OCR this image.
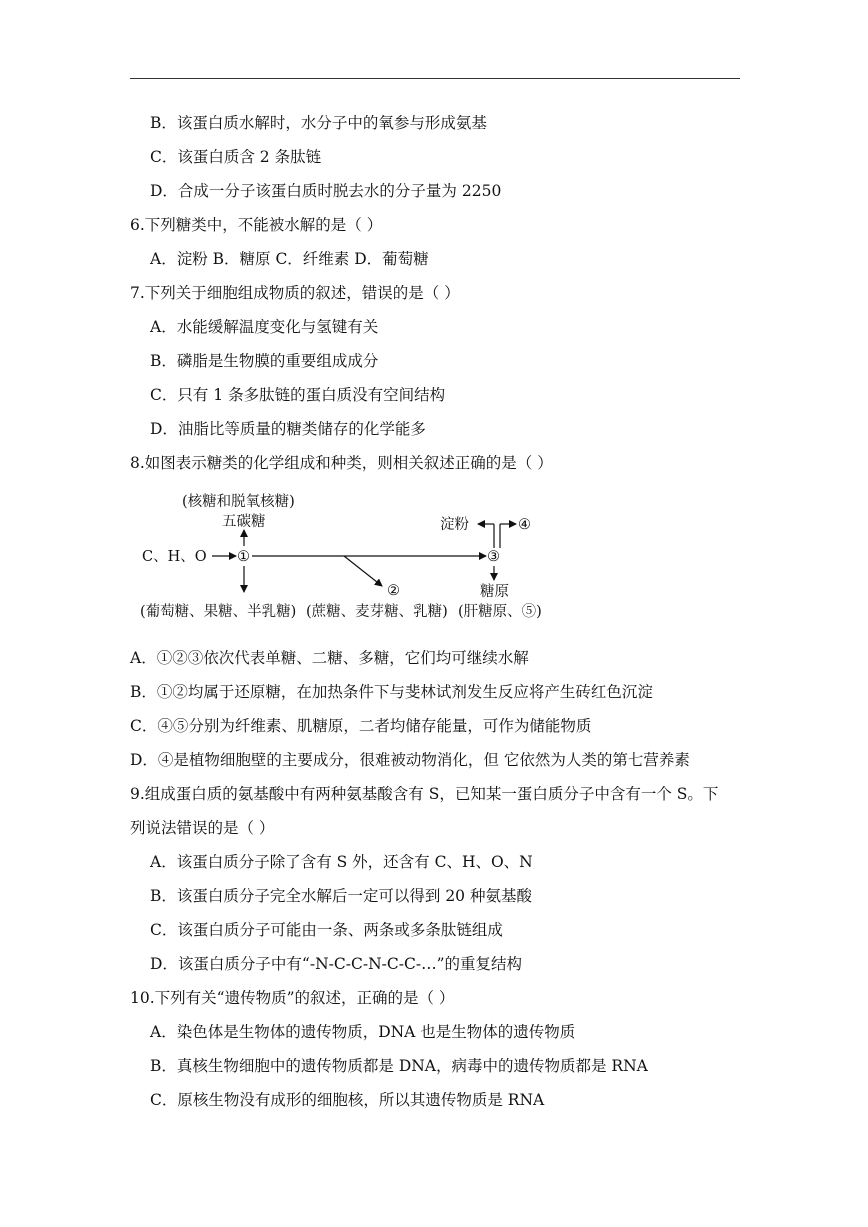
B．该蛋白质水解时，水分子中的氧参与形成氨基
C．该蛋白质含 2 条肽链
D．合成一分子该蛋白质时脱去水的分子量为 2250
6.下列糖类中，不能被水解的是（ ）
A．淀粉 B．糖原 C．纤维素 D．葡萄糖
7.下列关于细胞组成物质的叙述，错误的是（ ）
A．水能缓解温度变化与氢键有关
B．磷脂是生物膜的重要组成成分
C．只有 1 条多肽链的蛋白质没有空间结构
D．油脂比等质量的糖类储存的化学能多
8.如图表示糖类的化学组成和种类，则相关叙述正确的是（ ）
(核糖和脱氧核糖)
五碳糖
C、H、O ①
②
③
淀粉	④
糖原
(葡萄糖、果糖、半乳糖) (蔗糖、麦芽糖、乳糖) (肝糖原、⑤)
A．①②③依次代表单糖、二糖、多糖，它们均可继续水解
B．①②均属于还原糖，在加热条件下与斐林试剂发生反应将产生砖红色沉淀
C．④⑤分别为纤维素、肌糖原，二者均储存能量，可作为储能物质
D．④是植物细胞壁的主要成分，很难被动物消化，但 它依然为人类的第七营养素
9.组成蛋白质的氨基酸中有两种氨基酸含有 S，已知某一蛋白质分子中含有一个 S。下
列说法错误的是（ ）
A．该蛋白质分子除了含有 S 外，还含有 C、H、O、N
B．该蛋白质分子完全水解后一定可以得到 20 种氨基酸
C．该蛋白质分子可能由一条、两条或多条肽链组成
D．该蛋白质分子中有“-N-C-C-N-C-C-…”的重复结构
10.下列有关“遗传物质”的叙述，正确的是（ ）
A．染色体是生物体的遗传物质，DNA 也是生物体的遗传物质
B．真核生物细胞中的遗传物质都是 DNA，病毒中的遗传物质都是 RNA
C．原核生物没有成形的细胞核，所以其遗传物质是 RNA
